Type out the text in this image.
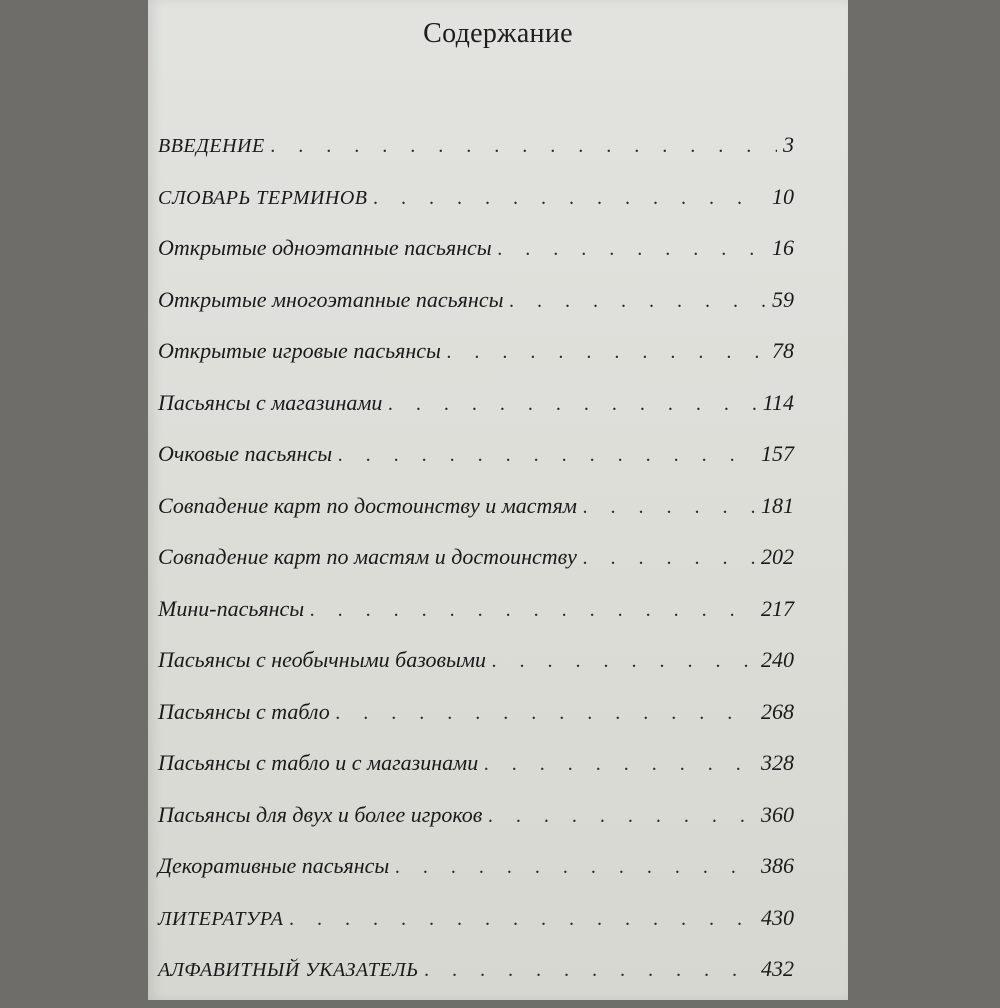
Содержание
ВВЕДЕНИЕ . . .	3
СЛОВАРЬ ТЕРМИНОВ . . .	10
Открытые одноэтапные пасьянсы . . .	16
Открытые многоэтапные пасьянсы . . .	59
Открытые игровые пасьянсы . . .	78
Пасьянсы с магазинами . . .	114
Очковые пасьянсы . . .	157
Совпадение карт по достоинству и мастям . . .	181
Совпадение карт по мастям и достоинству . . .	202
Мини-пасьянсы . . .	217
Пасьянсы с необычными базовыми . . .	240
Пасьянсы с табло . . .	268
Пасьянсы с табло и с магазинами . . .	328
Пасьянсы для двух и более игроков . . .	360
Декоративные пасьянсы . . .	386
ЛИТЕРАТУРА . . .	430
АЛФАВИТНЫЙ УКАЗАТЕЛЬ . . .	432
